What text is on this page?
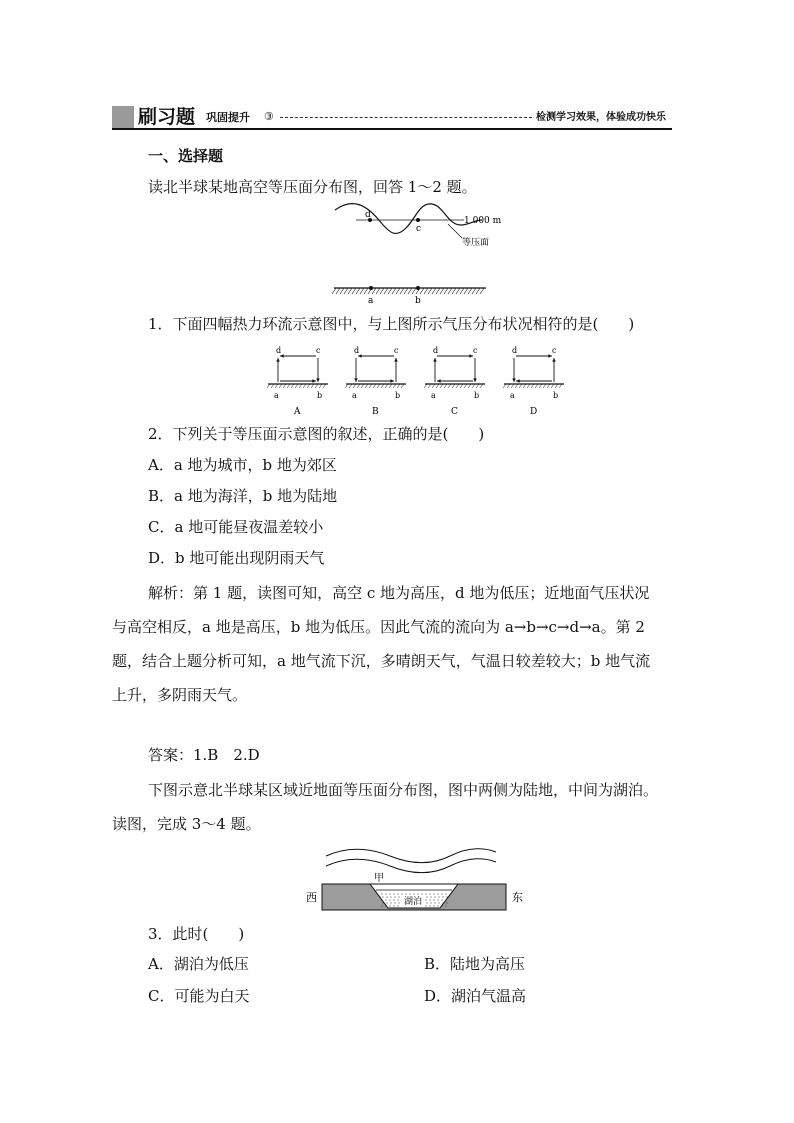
刷习题 巩固提升 ③	检测学习效果，体验成功快乐
一、选择题
读北半球某地高空等压面分布图，回答 1～2 题。
d
c
1 000 m
等压面
a	b
1．下面四幅热力环流示意图中，与上图所示气压分布状况相符的是(　　)
d	c
a	b
A
d	c
a	b
B
d	c
a	b
C
d	c
a	b
D
2．下列关于等压面示意图的叙述，正确的是(　　)
A．a 地为城市，b 地为郊区
B．a 地为海洋，b 地为陆地
C．a 地可能昼夜温差较小
D．b 地可能出现阴雨天气
解析：第 1 题，读图可知，高空 c 地为高压，d 地为低压；近地面气压状况
与高空相反，a 地是高压，b 地为低压。因此气流的流向为 a→b→c→d→a。第 2
题，结合上题分析可知，a 地气流下沉，多晴朗天气，气温日较差较大；b 地气流
上升，多阴雨天气。
答案：1.B　2.D
下图示意北半球某区域近地面等压面分布图，图中两侧为陆地，中间为湖泊。
读图，完成 3～4 题。
甲
湖泊
西	东
3．此时(　　)
A．湖泊为低压	B．陆地为高压
C．可能为白天	D．湖泊气温高
